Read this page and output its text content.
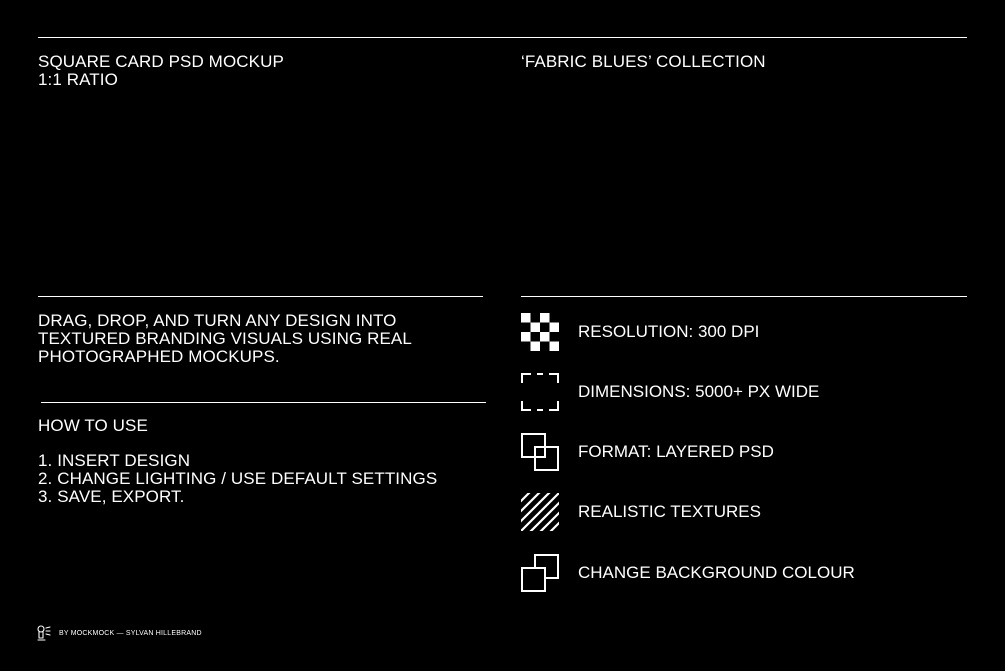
SQUARE CARD PSD MOCKUP
1:1 RATIO
‘FABRIC BLUES’ COLLECTION
DRAG, DROP, AND TURN ANY DESIGN INTO
TEXTURED BRANDING VISUALS USING REAL
PHOTOGRAPHED MOCKUPS.
HOW TO USE
1. INSERT DESIGN
2. CHANGE LIGHTING / USE DEFAULT SETTINGS
3. SAVE, EXPORT.
RESOLUTION: 300 DPI
DIMENSIONS: 5000+ PX WIDE
FORMAT: LAYERED PSD
REALISTIC TEXTURES
CHANGE BACKGROUND COLOUR
BY MOCKMOCK — SYLVAN HILLEBRAND
